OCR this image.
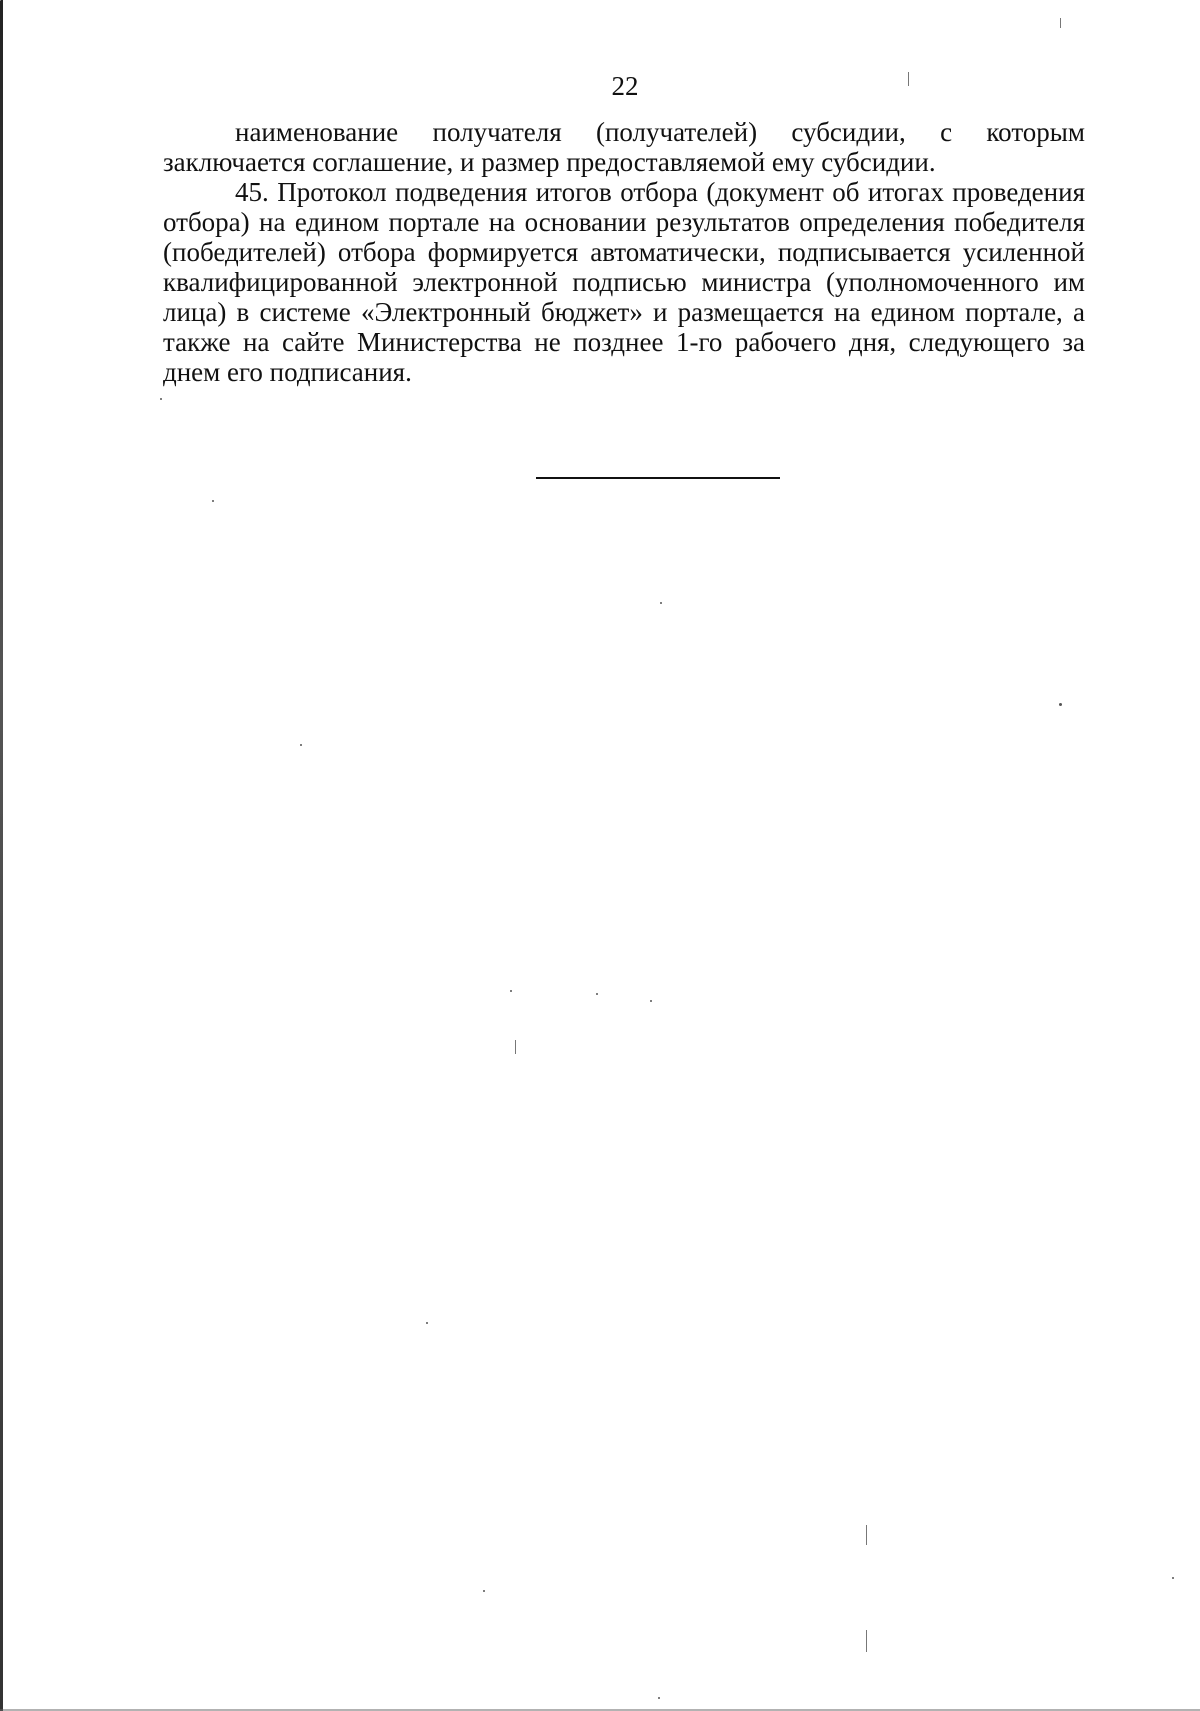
22

наименование получателя (получателей) субсидии, с которым заключается соглашение, и размер предоставляемой ему субсидии.

45. Протокол подведения итогов отбора (документ об итогах проведения отбора) на едином портале на основании результатов определения победителя (победителей) отбора формируется автоматически, подписывается усиленной квалифицированной электронной подписью министра (уполномоченного им лица) в системе «Электронный бюджет» и размещается на едином портале, а также на сайте Министерства не позднее 1-го рабочего дня, следующего за днем его подписания.
